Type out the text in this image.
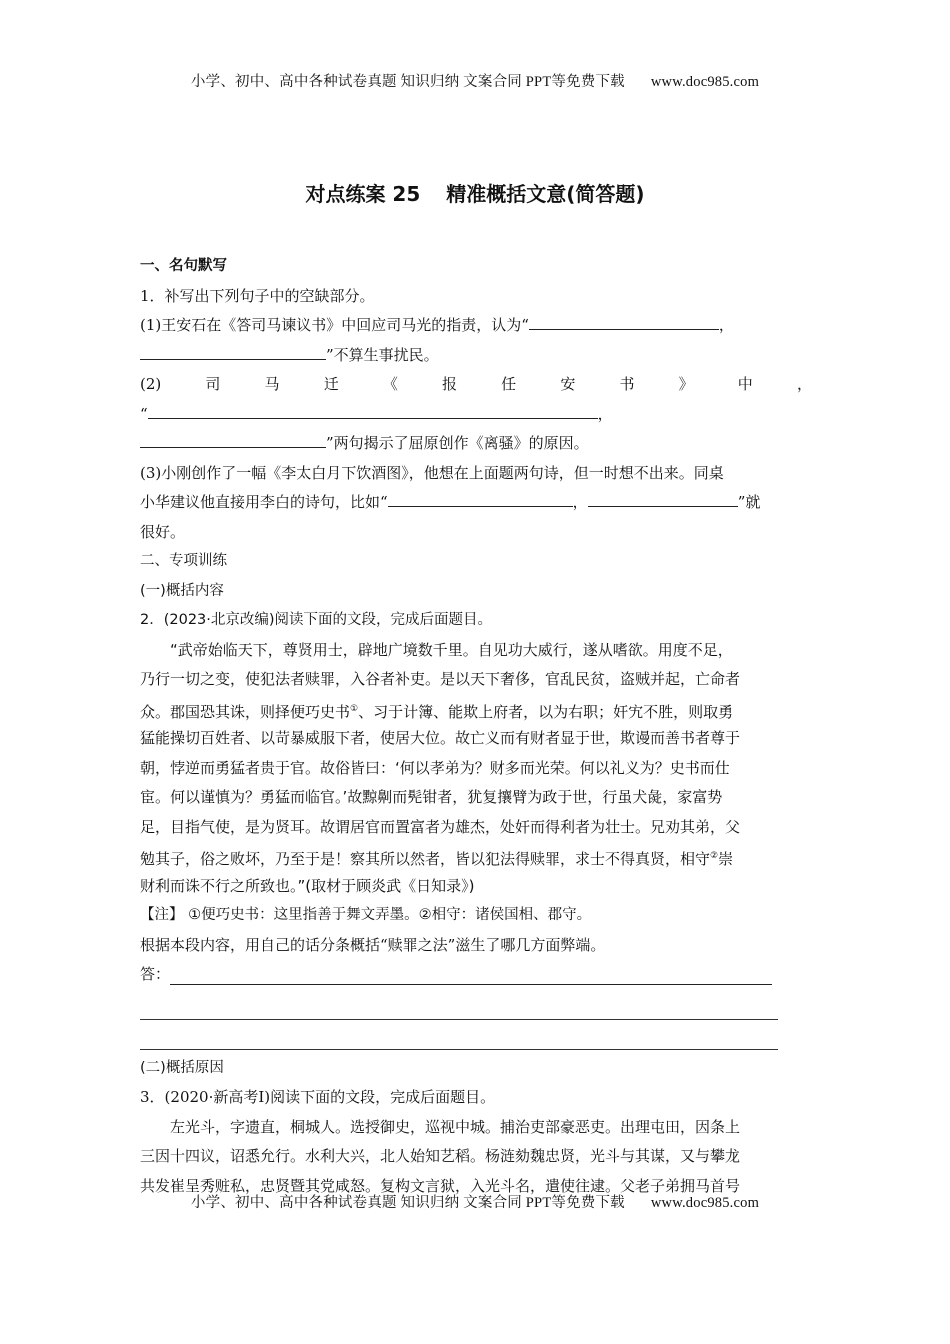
小学、初中、高中各种试卷真题 知识归纳 文案合同 PPT等免费下载 www.doc985.com
对点练案 25 精准概括文意(简答题)
一、名句默写
1．补写出下列句子中的空缺部分。
(1)王安石在《答司马谏议书》中回应司马光的指责，认为“	，
”不算生事扰民。
(2)	司	马	迁	《	报	任	安	书	》	中	，
“	，
”两句揭示了屈原创作《离骚》的原因。
(3)小刚创作了一幅《李太白月下饮酒图》，他想在上面题两句诗，但一时想不出来。同桌
小华建议他直接用李白的诗句，比如“	，	”就
很好。
二、专项训练
(一)概括内容
2．(2023·北京改编)阅读下面的文段，完成后面题目。
“武帝始临天下，尊贤用士，辟地广境数千里。自见功大威行，遂从嗜欲。用度不足，
乃行一切之变，使犯法者赎罪，入谷者补吏。是以天下奢侈，官乱民贫，盗贼并起，亡命者
众。郡国恐其诛，则择便巧史书①、习于计簿、能欺上府者，以为右职；奸宄不胜，则取勇
猛能操切百姓者、以苛暴威服下者，使居大位。故亡义而有财者显于世，欺谩而善书者尊于
朝，悖逆而勇猛者贵于官。故俗皆曰：‘何以孝弟为？财多而光荣。何以礼义为？史书而仕
宦。何以谨慎为？勇猛而临官。’故黥劓而髡钳者，犹复攘臂为政于世，行虽犬彘，家富势
足，目指气使，是为贤耳。故谓居官而置富者为雄杰，处奸而得利者为壮士。兄劝其弟，父
勉其子，俗之败坏，乃至于是！察其所以然者，皆以犯法得赎罪，求士不得真贤，相守②崇
财利而诛不行之所致也。”(取材于顾炎武《日知录》)
【注】 ①便巧史书：这里指善于舞文弄墨。②相守：诸侯国相、郡守。
根据本段内容，用自己的话分条概括“赎罪之法”滋生了哪几方面弊端。
答：
(二)概括原因
3．(2020·新高考Ⅰ)阅读下面的文段，完成后面题目。
左光斗，字遗直，桐城人。选授御史，巡视中城。捕治吏部豪恶吏。出理屯田，因条上
三因十四议，诏悉允行。水利大兴，北人始知艺稻。杨涟劾魏忠贤，光斗与其谋，又与攀龙
共发崔呈秀赃私，忠贤暨其党咸怒。复构文言狱，入光斗名，遣使往逮。父老子弟拥马首号
小学、初中、高中各种试卷真题 知识归纳 文案合同 PPT等免费下载 www.doc985.com
